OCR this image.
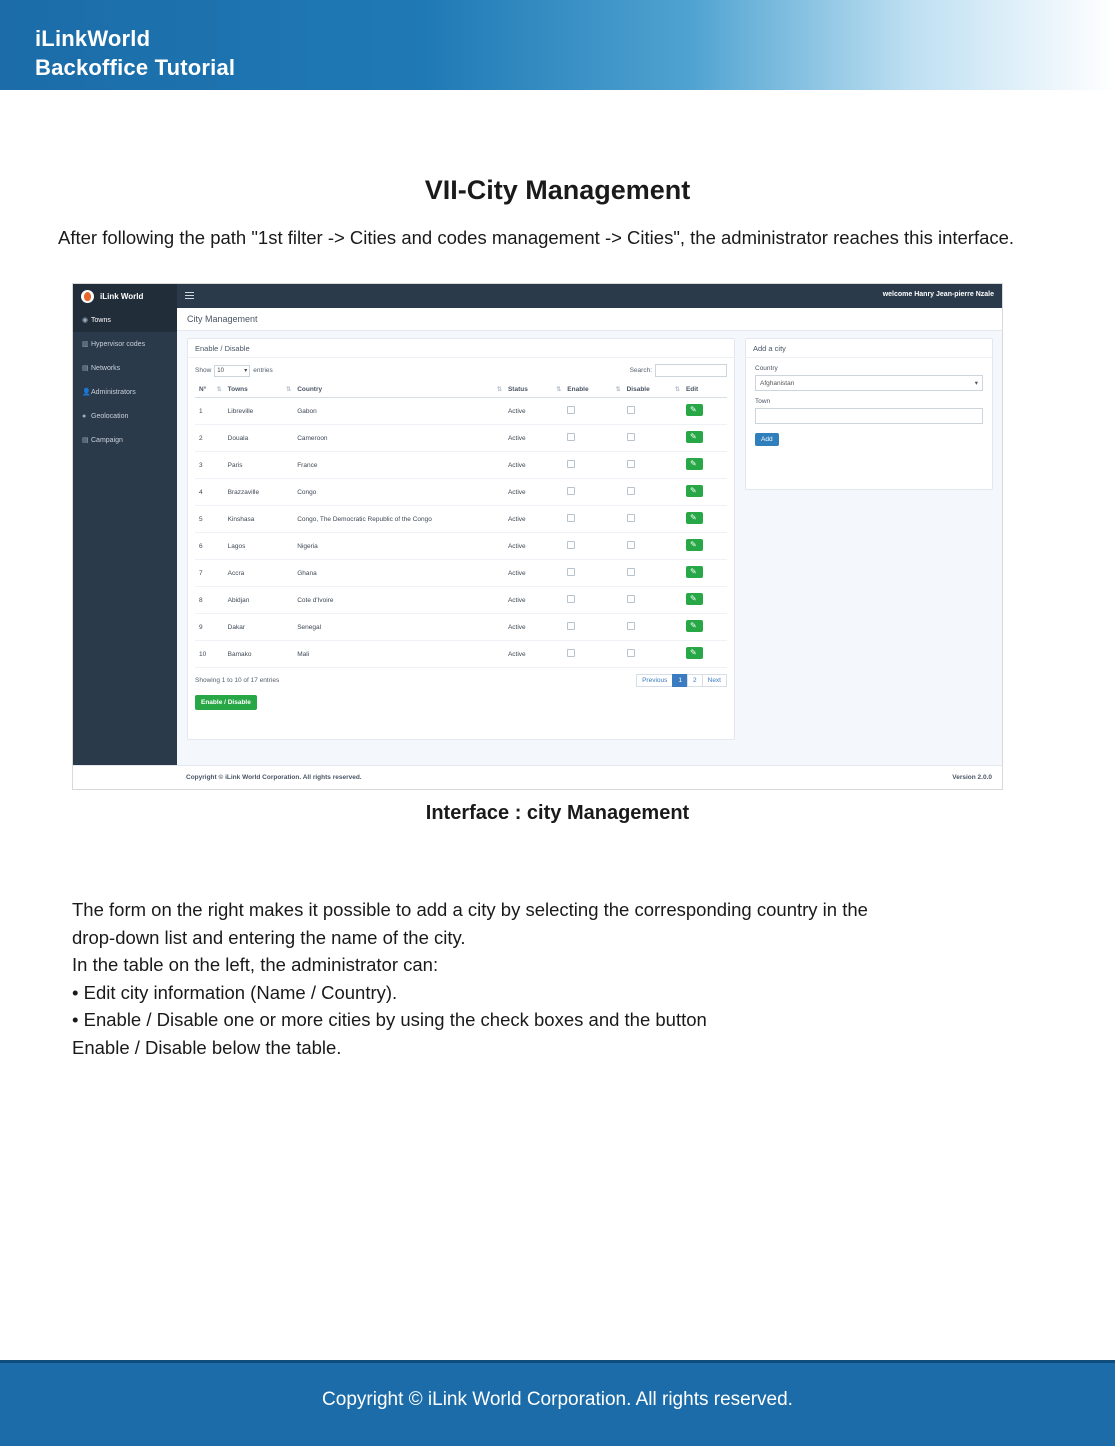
iLinkWorld
Backoffice Tutorial
VII-City Management
After following the path "1st filter -> Cities and codes management -> Cities", the administrator reaches this interface.
iLink World	welcome Hanry Jean-pierre Nzale
◉ Towns
▥ Hypervisor codes
▤ Networks
👤 Administrators
● Geolocation
▤ Campaign
City Management
Enable / Disable
Show 10	▾ entries	Search:
N° ⇅	Towns ⇅	Country ⇅	Status ⇅	Enable ⇅	Disable ⇅	Edit
1	Libreville	Gabon	Active			✎
2	Douala	Cameroon	Active			✎
3	Paris	France	Active			✎
4	Brazzaville	Congo	Active			✎
5	Kinshasa	Congo, The Democratic Republic of the Congo	Active			✎
6	Lagos	Nigeria	Active			✎
7	Accra	Ghana	Active			✎
8	Abidjan	Cote d'Ivoire	Active			✎
9	Dakar	Senegal	Active			✎
10	Bamako	Mali	Active			✎
Showing 1 to 10 of 17 entries	Previous	1	2	Next
Enable / Disable
Add a city
Country
Afghanistan	▾
Town
Add
Copyright © iLink World Corporation. All rights reserved.	Version 2.0.0
Interface : city Management

The form on the right makes it possible to add a city by selecting the corresponding country in the

drop-down list and entering the name of the city.

In the table on the left, the administrator can:

• Edit city information (Name / Country).

• Enable / Disable one or more cities by using the check boxes and the button

Enable / Disable below the table.

Copyright © iLink World Corporation. All rights reserved.
